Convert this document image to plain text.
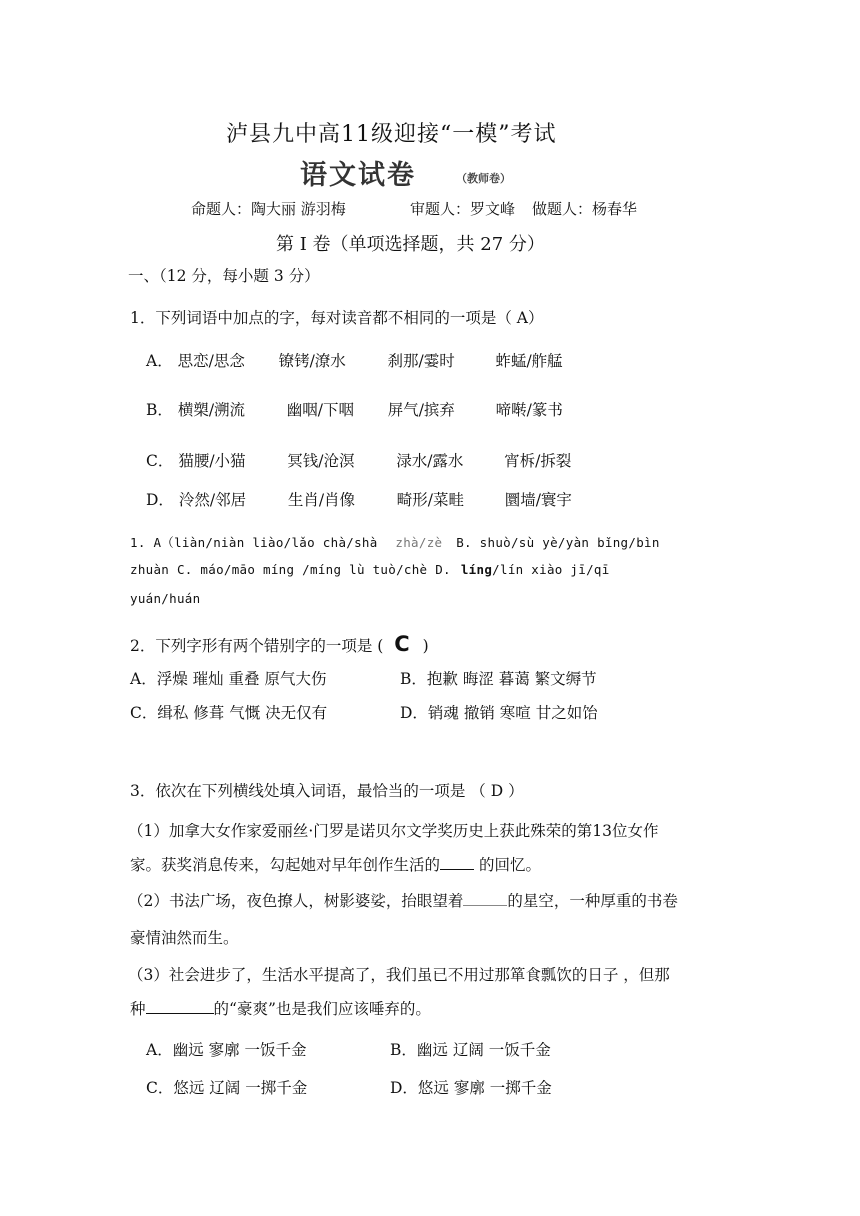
泸县九中高11级迎接“一模”考试
语文试卷	（教师卷）
命题人：陶大丽 游羽梅	审题人：罗文峰 做题人：杨春华
第 I 卷（单项选择题，共 27 分）
一、（12 分，每小题 3 分）
1．下列词语中加点的字，每对读音都不相同的一项是（ A）
A． 思恋/思念 镣铐/潦水	刹那/霎时	蚱蜢/舴艋
B． 横槊/溯流	幽咽/下咽 屏气/摈弃	啼啭/篆书
C． 猫腰/小猫	冥钱/沧溟	渌水/露水	宵柝/拆裂
D． 泠然/邻居	生肖/肖像	畸形/菜畦	圜墙/寰宇
1. A（liàn/niàn liào/lǎo chà/shà zhà/zè B. shuò/sù yè/yàn bǐng/bìn
zhuàn C. máo/māo míng /míng lù tuò/chè D. líng/lín xiào jī/qī
yuán/huán
2．下列字形有两个错别字的一项是 ( C )
A．浮燥 璀灿 重叠 原气大伤	B．抱歉 晦涩 暮蔼 繁文缛节
C．缉私 修葺 气慨 决无仅有	D．销魂 撤销 寒喧 甘之如饴
3．依次在下列横线处填入词语，最恰当的一项是 （ D ）
（1）加拿大女作家爱丽丝·门罗是诺贝尔文学奖历史上获此殊荣的第13位女作
家。获奖消息传来，勾起她对早年创作生活的 的回忆。
（2）书法广场，夜色撩人，树影婆娑，抬眼望着	的星空，一种厚重的书卷
豪情油然而生。
（3）社会进步了，生活水平提高了，我们虽已不用过那箪食瓢饮的日子 ，但那
种	的“豪爽”也是我们应该唾弃的。
A．幽远 寥廓 一饭千金	B．幽远 辽阔 一饭千金
C．悠远 辽阔 一掷千金	D．悠远 寥廓 一掷千金
